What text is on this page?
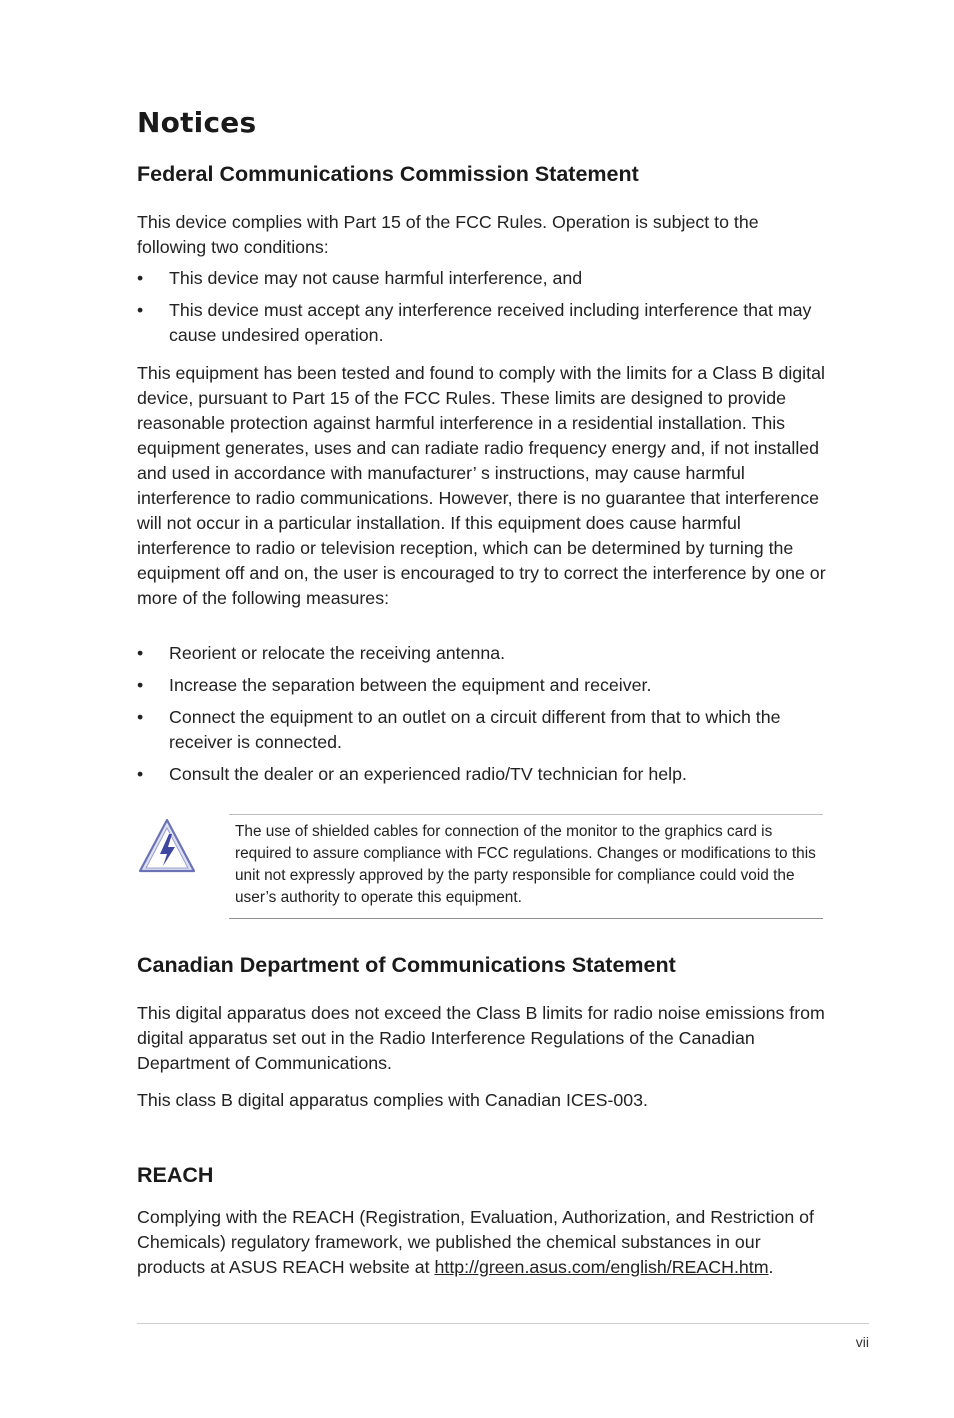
Notices
Federal Communications Commission Statement
This device complies with Part 15 of the FCC Rules. Operation is subject to the following two conditions:
• This device may not cause harmful interference, and
• This device must accept any interference received including interference that may cause undesired operation.
This equipment has been tested and found to comply with the limits for a Class B digital device, pursuant to Part 15 of the FCC Rules. These limits are designed to provide reasonable protection against harmful interference in a residential installation. This equipment generates, uses and can radiate radio frequency energy and, if not installed and used in accordance with manufacturer’ s instructions, may cause harmful interference to radio communications. However, there is no guarantee that interference will not occur in a particular installation. If this equipment does cause harmful interference to radio or television reception, which can be determined by turning the equipment off and on, the user is encouraged to try to correct the interference by one or more of the following measures:
• Reorient or relocate the receiving antenna.
• Increase the separation between the equipment and receiver.
• Connect the equipment to an outlet on a circuit different from that to which the receiver is connected.
• Consult the dealer or an experienced radio/TV technician for help.
The use of shielded cables for connection of the monitor to the graphics card is required to assure compliance with FCC regulations. Changes or modifications to this unit not expressly approved by the party responsible for compliance could void the user’s authority to operate this equipment.
Canadian Department of Communications Statement
This digital apparatus does not exceed the Class B limits for radio noise emissions from digital apparatus set out in the Radio Interference Regulations of the Canadian Department of Communications.
This class B digital apparatus complies with Canadian ICES-003.
REACH
Complying with the REACH (Registration, Evaluation, Authorization, and Restriction of Chemicals) regulatory framework, we published the chemical substances in our products at ASUS REACH website at http://green.asus.com/english/REACH.htm.
vii
